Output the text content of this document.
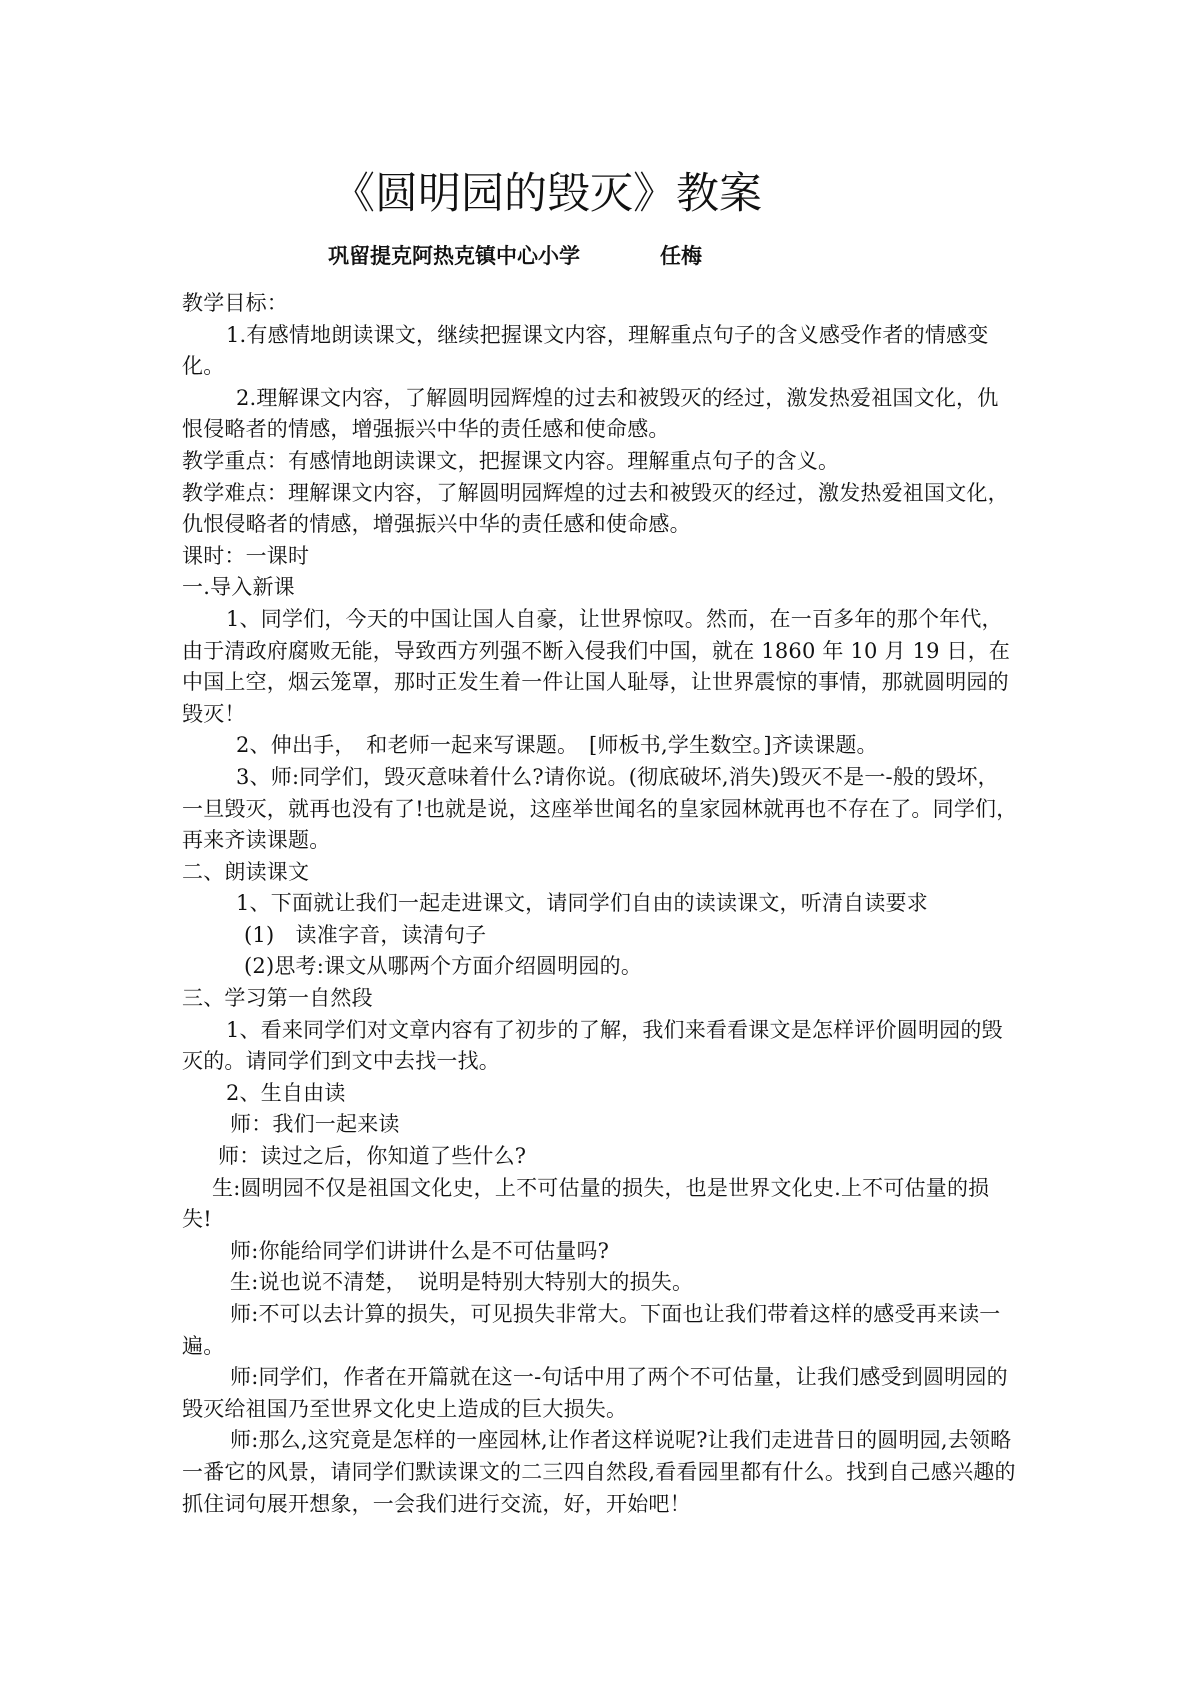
《圆明园的毁灭》教案
巩留提克阿热克镇中心小学	任梅

教学目标：

1.有感情地朗读课文，继续把握课文内容，理解重点句子的含义感受作者的情感变化。

2.理解课文内容，了解圆明园辉煌的过去和被毁灭的经过，激发热爱祖国文化，仇恨侵略者的情感，增强振兴中华的责任感和使命感。

教学重点：有感情地朗读课文，把握课文内容。理解重点句子的含义。

教学难点：理解课文内容，了解圆明园辉煌的过去和被毁灭的经过，激发热爱祖国文化，仇恨侵略者的情感，增强振兴中华的责任感和使命感。

课时：一课时

一.导入新课

1、同学们，今天的中国让国人自豪，让世界惊叹。然而，在一百多年的那个年代，由于清政府腐败无能，导致西方列强不断入侵我们中国，就在 1860 年 10 月 19 日，在中国上空，烟云笼罩，那时正发生着一件让国人耻辱，让世界震惊的事情，那就圆明园的毁灭！

2、伸出手，　和老师一起来写课题。　[师板书,学生数空。]齐读课题。

3、师:同学们，毁灭意味着什么?请你说。(彻底破坏,消失)毁灭不是一-般的毁坏，一旦毁灭，就再也没有了!也就是说，这座举世闻名的皇家园林就再也不存在了。同学们，再来齐读课题。

二、朗读课文

1、下面就让我们一起走进课文，请同学们自由的读读课文，听清自读要求

(1)　读准字音，读清句子

(2)思考:课文从哪两个方面介绍圆明园的。

三、学习第一自然段

1、看来同学们对文章内容有了初步的了解，我们来看看课文是怎样评价圆明园的毁灭的。请同学们到文中去找一找。

2、生自由读

师：我们一起来读

师：读过之后，你知道了些什么?

生:圆明园不仅是祖国文化史，上不可估量的损失，也是世界文化史.上不可估量的损失!

师:你能给同学们讲讲什么是不可估量吗?

生:说也说不清楚，　说明是特别大特别大的损失。

师:不可以去计算的损失，可见损失非常大。下面也让我们带着这样的感受再来读一遍。

师:同学们，作者在开篇就在这一-句话中用了两个不可估量，让我们感受到圆明园的毁灭给祖国乃至世界文化史上造成的巨大损失。

师:那么,这究竟是怎样的一座园林,让作者这样说呢?让我们走进昔日的圆明园,去领略一番它的风景，请同学们默读课文的二三四自然段,看看园里都有什么。找到自己感兴趣的抓住词句展开想象，一会我们进行交流，好，开始吧！
